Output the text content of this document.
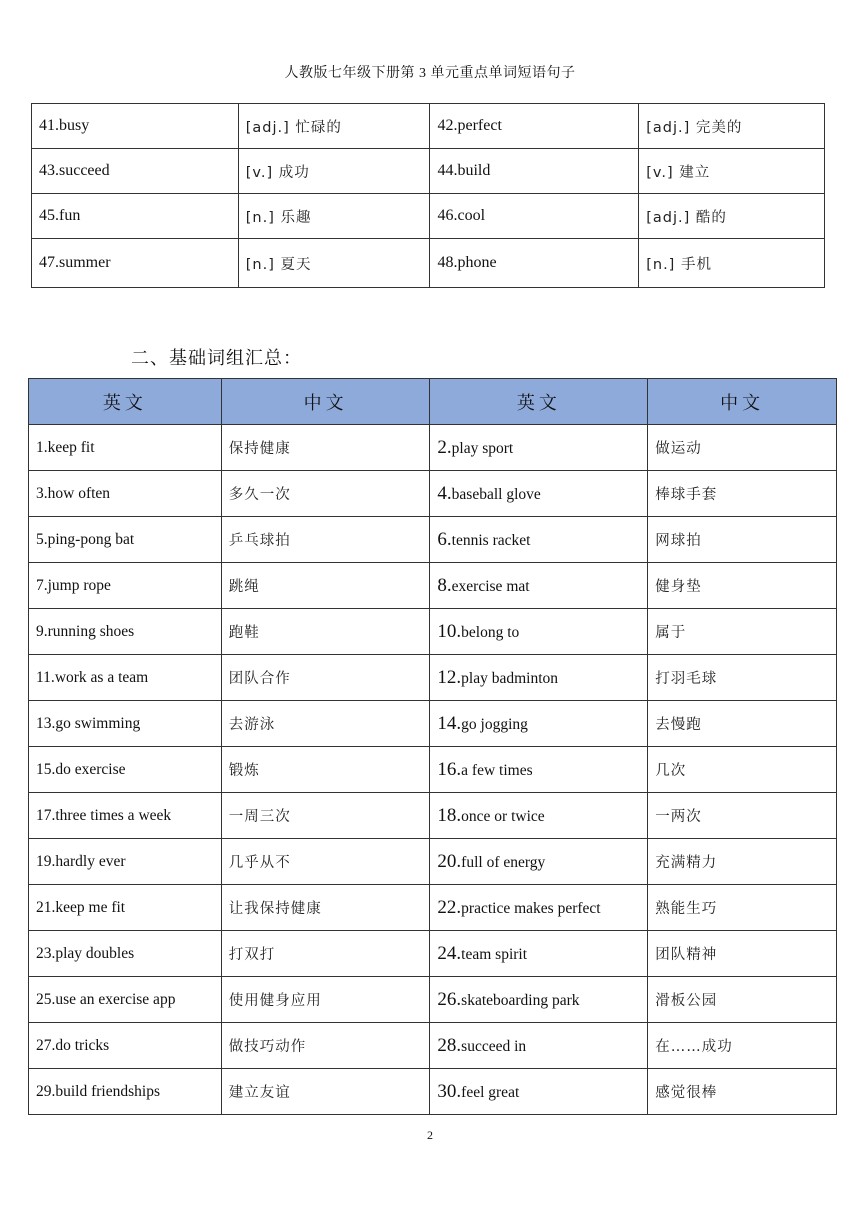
人教版七年级下册第 3 单元重点单词短语句子
41.busy	[adj.] 忙碌的	42.perfect	[adj.] 完美的
43.succeed	[v.] 成功	44.build	[v.] 建立
45.fun	[n.] 乐趣	46.cool	[adj.] 酷的
47.summer	[n.] 夏天	48.phone	[n.] 手机
二、基础词组汇总：
英文	中文	英文	中文
1.keep fit	保持健康	2.play sport	做运动
3.how often	多久一次	4.baseball glove	棒球手套
5.ping-pong bat	乒乓球拍	6.tennis racket	网球拍
7.jump rope	跳绳	8.exercise mat	健身垫
9.running shoes	跑鞋	10.belong to	属于
11.work as a team	团队合作	12.play badminton	打羽毛球
13.go swimming	去游泳	14.go jogging	去慢跑
15.do exercise	锻炼	16.a few times	几次
17.three times a week	一周三次	18.once or twice	一两次
19.hardly ever	几乎从不	20.full of energy	充满精力
21.keep me fit	让我保持健康	22.practice makes perfect	熟能生巧
23.play doubles	打双打	24.team spirit	团队精神
25.use an exercise app	使用健身应用	26.skateboarding park	滑板公园
27.do tricks	做技巧动作	28.succeed in	在……成功
29.build friendships	建立友谊	30.feel great	感觉很棒
2
